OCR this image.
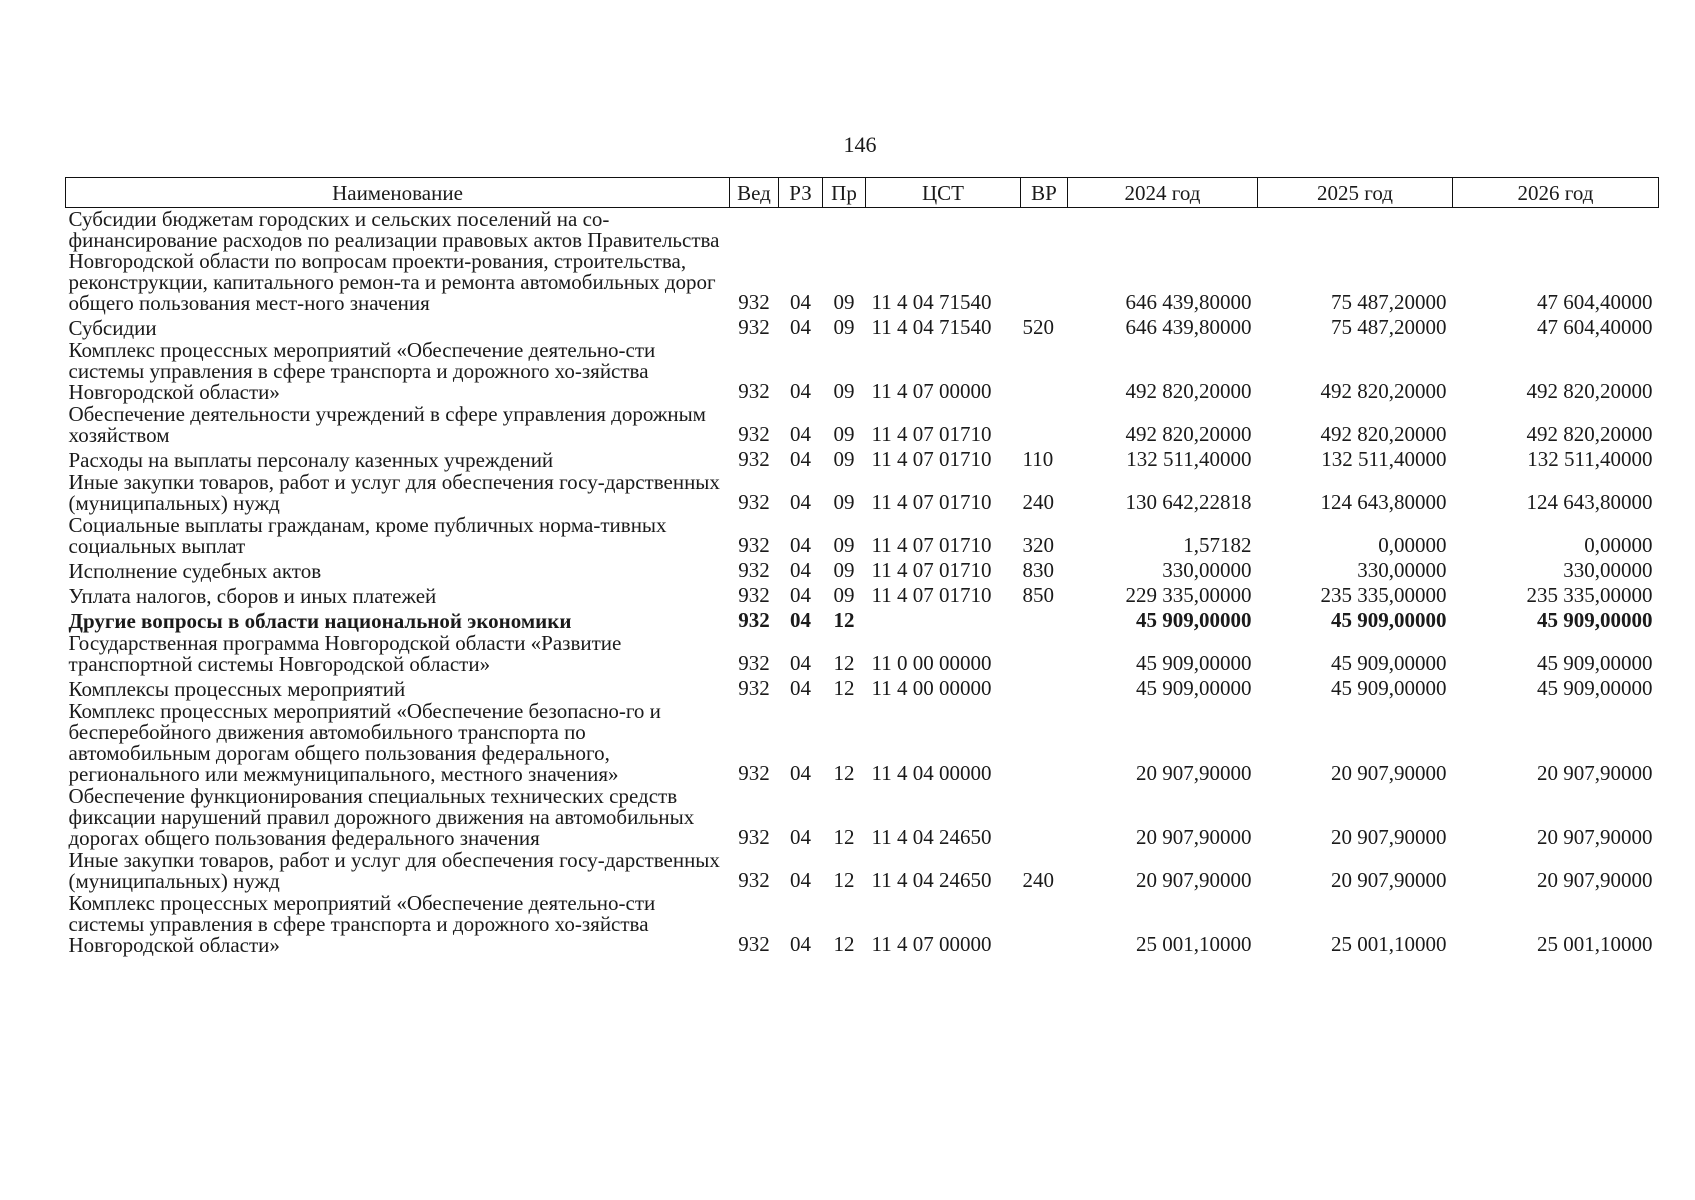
146
Наименование	Вед	РЗ	Пр	ЦСТ	ВР	2024 год	2025 год	2026 год
Субсидии бюджетам городских и сельских поселений на со-финансирование расходов по реализации правовых актов Правительства Новгородской области по вопросам проекти-рования, строительства, реконструкции, капитального ремон-та и ремонта автомобильных дорог общего пользования мест-ного значения	932	04	09	11 4 04 71540		646 439,80000	75 487,20000	47 604,40000
Субсидии	932	04	09	11 4 04 71540	520	646 439,80000	75 487,20000	47 604,40000
Комплекс процессных мероприятий «Обеспечение деятельно-сти системы управления в сфере транспорта и дорожного хо-зяйства Новгородской области»	932	04	09	11 4 07 00000		492 820,20000	492 820,20000	492 820,20000
Обеспечение деятельности учреждений в сфере управления дорожным хозяйством	932	04	09	11 4 07 01710		492 820,20000	492 820,20000	492 820,20000
Расходы на выплаты персоналу казенных учреждений	932	04	09	11 4 07 01710	110	132 511,40000	132 511,40000	132 511,40000
Иные закупки товаров, работ и услуг для обеспечения госу-дарственных (муниципальных) нужд	932	04	09	11 4 07 01710	240	130 642,22818	124 643,80000	124 643,80000
Социальные выплаты гражданам, кроме публичных норма-тивных социальных выплат	932	04	09	11 4 07 01710	320	1,57182	0,00000	0,00000
Исполнение судебных актов	932	04	09	11 4 07 01710	830	330,00000	330,00000	330,00000
Уплата налогов, сборов и иных платежей	932	04	09	11 4 07 01710	850	229 335,00000	235 335,00000	235 335,00000
Другие вопросы в области национальной экономики	932	04	12			45 909,00000	45 909,00000	45 909,00000
Государственная программа Новгородской области «Развитие транспортной системы Новгородской области»	932	04	12	11 0 00 00000		45 909,00000	45 909,00000	45 909,00000
Комплексы процессных мероприятий	932	04	12	11 4 00 00000		45 909,00000	45 909,00000	45 909,00000
Комплекс процессных мероприятий «Обеспечение безопасно-го и бесперебойного движения автомобильного транспорта по автомобильным дорогам общего пользования федерального, регионального или межмуниципального, местного значения»	932	04	12	11 4 04 00000		20 907,90000	20 907,90000	20 907,90000
Обеспечение функционирования специальных технических средств фиксации нарушений правил дорожного движения на автомобильных дорогах общего пользования федерального значения	932	04	12	11 4 04 24650		20 907,90000	20 907,90000	20 907,90000
Иные закупки товаров, работ и услуг для обеспечения госу-дарственных (муниципальных) нужд	932	04	12	11 4 04 24650	240	20 907,90000	20 907,90000	20 907,90000
Комплекс процессных мероприятий «Обеспечение деятельно-сти системы управления в сфере транспорта и дорожного хо-зяйства Новгородской области»	932	04	12	11 4 07 00000		25 001,10000	25 001,10000	25 001,10000
